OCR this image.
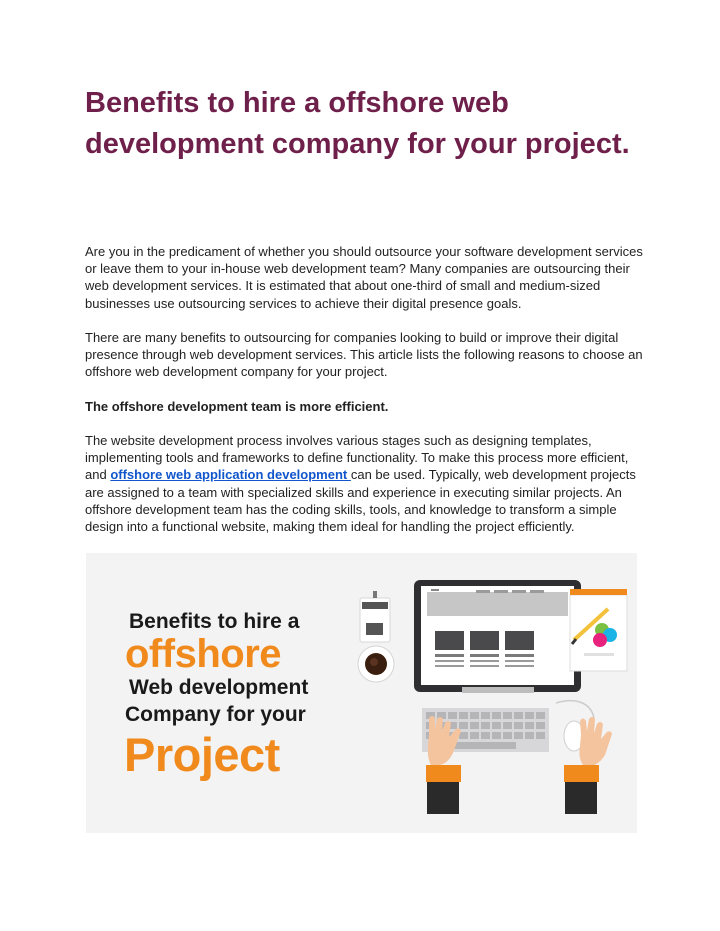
Benefits to hire a offshore web development company for your project.

Are you in the predicament of whether you should outsource your software development services or leave them to your in-house web development team? Many companies are outsourcing their web development services. It is estimated that about one-third of small and medium-sized businesses use outsourcing services to achieve their digital presence goals.

There are many benefits to outsourcing for companies looking to build or improve their digital presence through web development services. This article lists the following reasons to choose an offshore web development company for your project.

The offshore development team is more efficient.

The website development process involves various stages such as designing templates, implementing tools and frameworks to define functionality. To make this process more efficient, and offshore web application development can be used. Typically, web development projects are assigned to a team with specialized skills and experience in executing similar projects. An offshore development team has the coding skills, tools, and knowledge to transform a simple design into a functional website, making them ideal for handling the project efficiently.

Benefits to hire a
offshore
Web development
Company for your
Project
